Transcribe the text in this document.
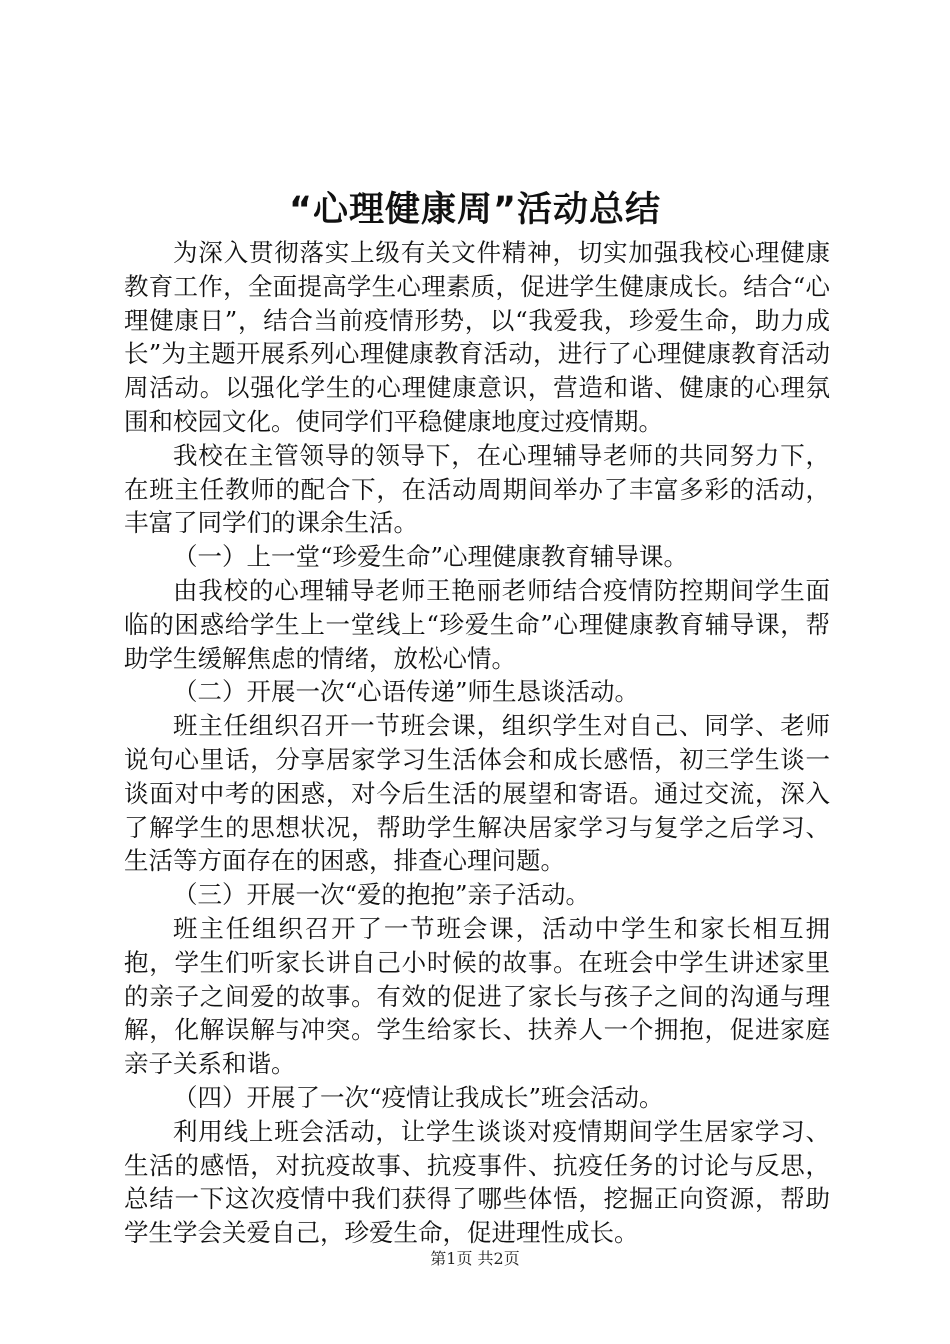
“心理健康周”活动总结

为深入贯彻落实上级有关文件精神，切实加强我校心理健康教育工作，全面提高学生心理素质，促进学生健康成长。结合“心理健康日”，结合当前疫情形势，以“我爱我，珍爱生命，助力成长”为主题开展系列心理健康教育活动，进行了心理健康教育活动周活动。以强化学生的心理健康意识，营造和谐、健康的心理氛围和校园文化。使同学们平稳健康地度过疫情期。

我校在主管领导的领导下，在心理辅导老师的共同努力下，在班主任教师的配合下，在活动周期间举办了丰富多彩的活动，丰富了同学们的课余生活。

（一）上一堂“珍爱生命”心理健康教育辅导课。

由我校的心理辅导老师王艳丽老师结合疫情防控期间学生面临的困惑给学生上一堂线上“珍爱生命”心理健康教育辅导课，帮助学生缓解焦虑的情绪，放松心情。

（二）开展一次“心语传递”师生恳谈活动。

班主任组织召开一节班会课，组织学生对自己、同学、老师说句心里话，分享居家学习生活体会和成长感悟，初三学生谈一谈面对中考的困惑，对今后生活的展望和寄语。通过交流，深入了解学生的思想状况，帮助学生解决居家学习与复学之后学习、生活等方面存在的困惑，排查心理问题。

（三）开展一次“爱的抱抱”亲子活动。

班主任组织召开了一节班会课，活动中学生和家长相互拥抱，学生们听家长讲自己小时候的故事。在班会中学生讲述家里的亲子之间爱的故事。有效的促进了家长与孩子之间的沟通与理解，化解误解与冲突。学生给家长、扶养人一个拥抱，促进家庭亲子关系和谐。

（四）开展了一次“疫情让我成长”班会活动。

利用线上班会活动，让学生谈谈对疫情期间学生居家学习、生活的感悟，对抗疫故事、抗疫事件、抗疫任务的讨论与反思，总结一下这次疫情中我们获得了哪些体悟，挖掘正向资源，帮助学生学会关爱自己，珍爱生命，促进理性成长。

第1页 共2页
